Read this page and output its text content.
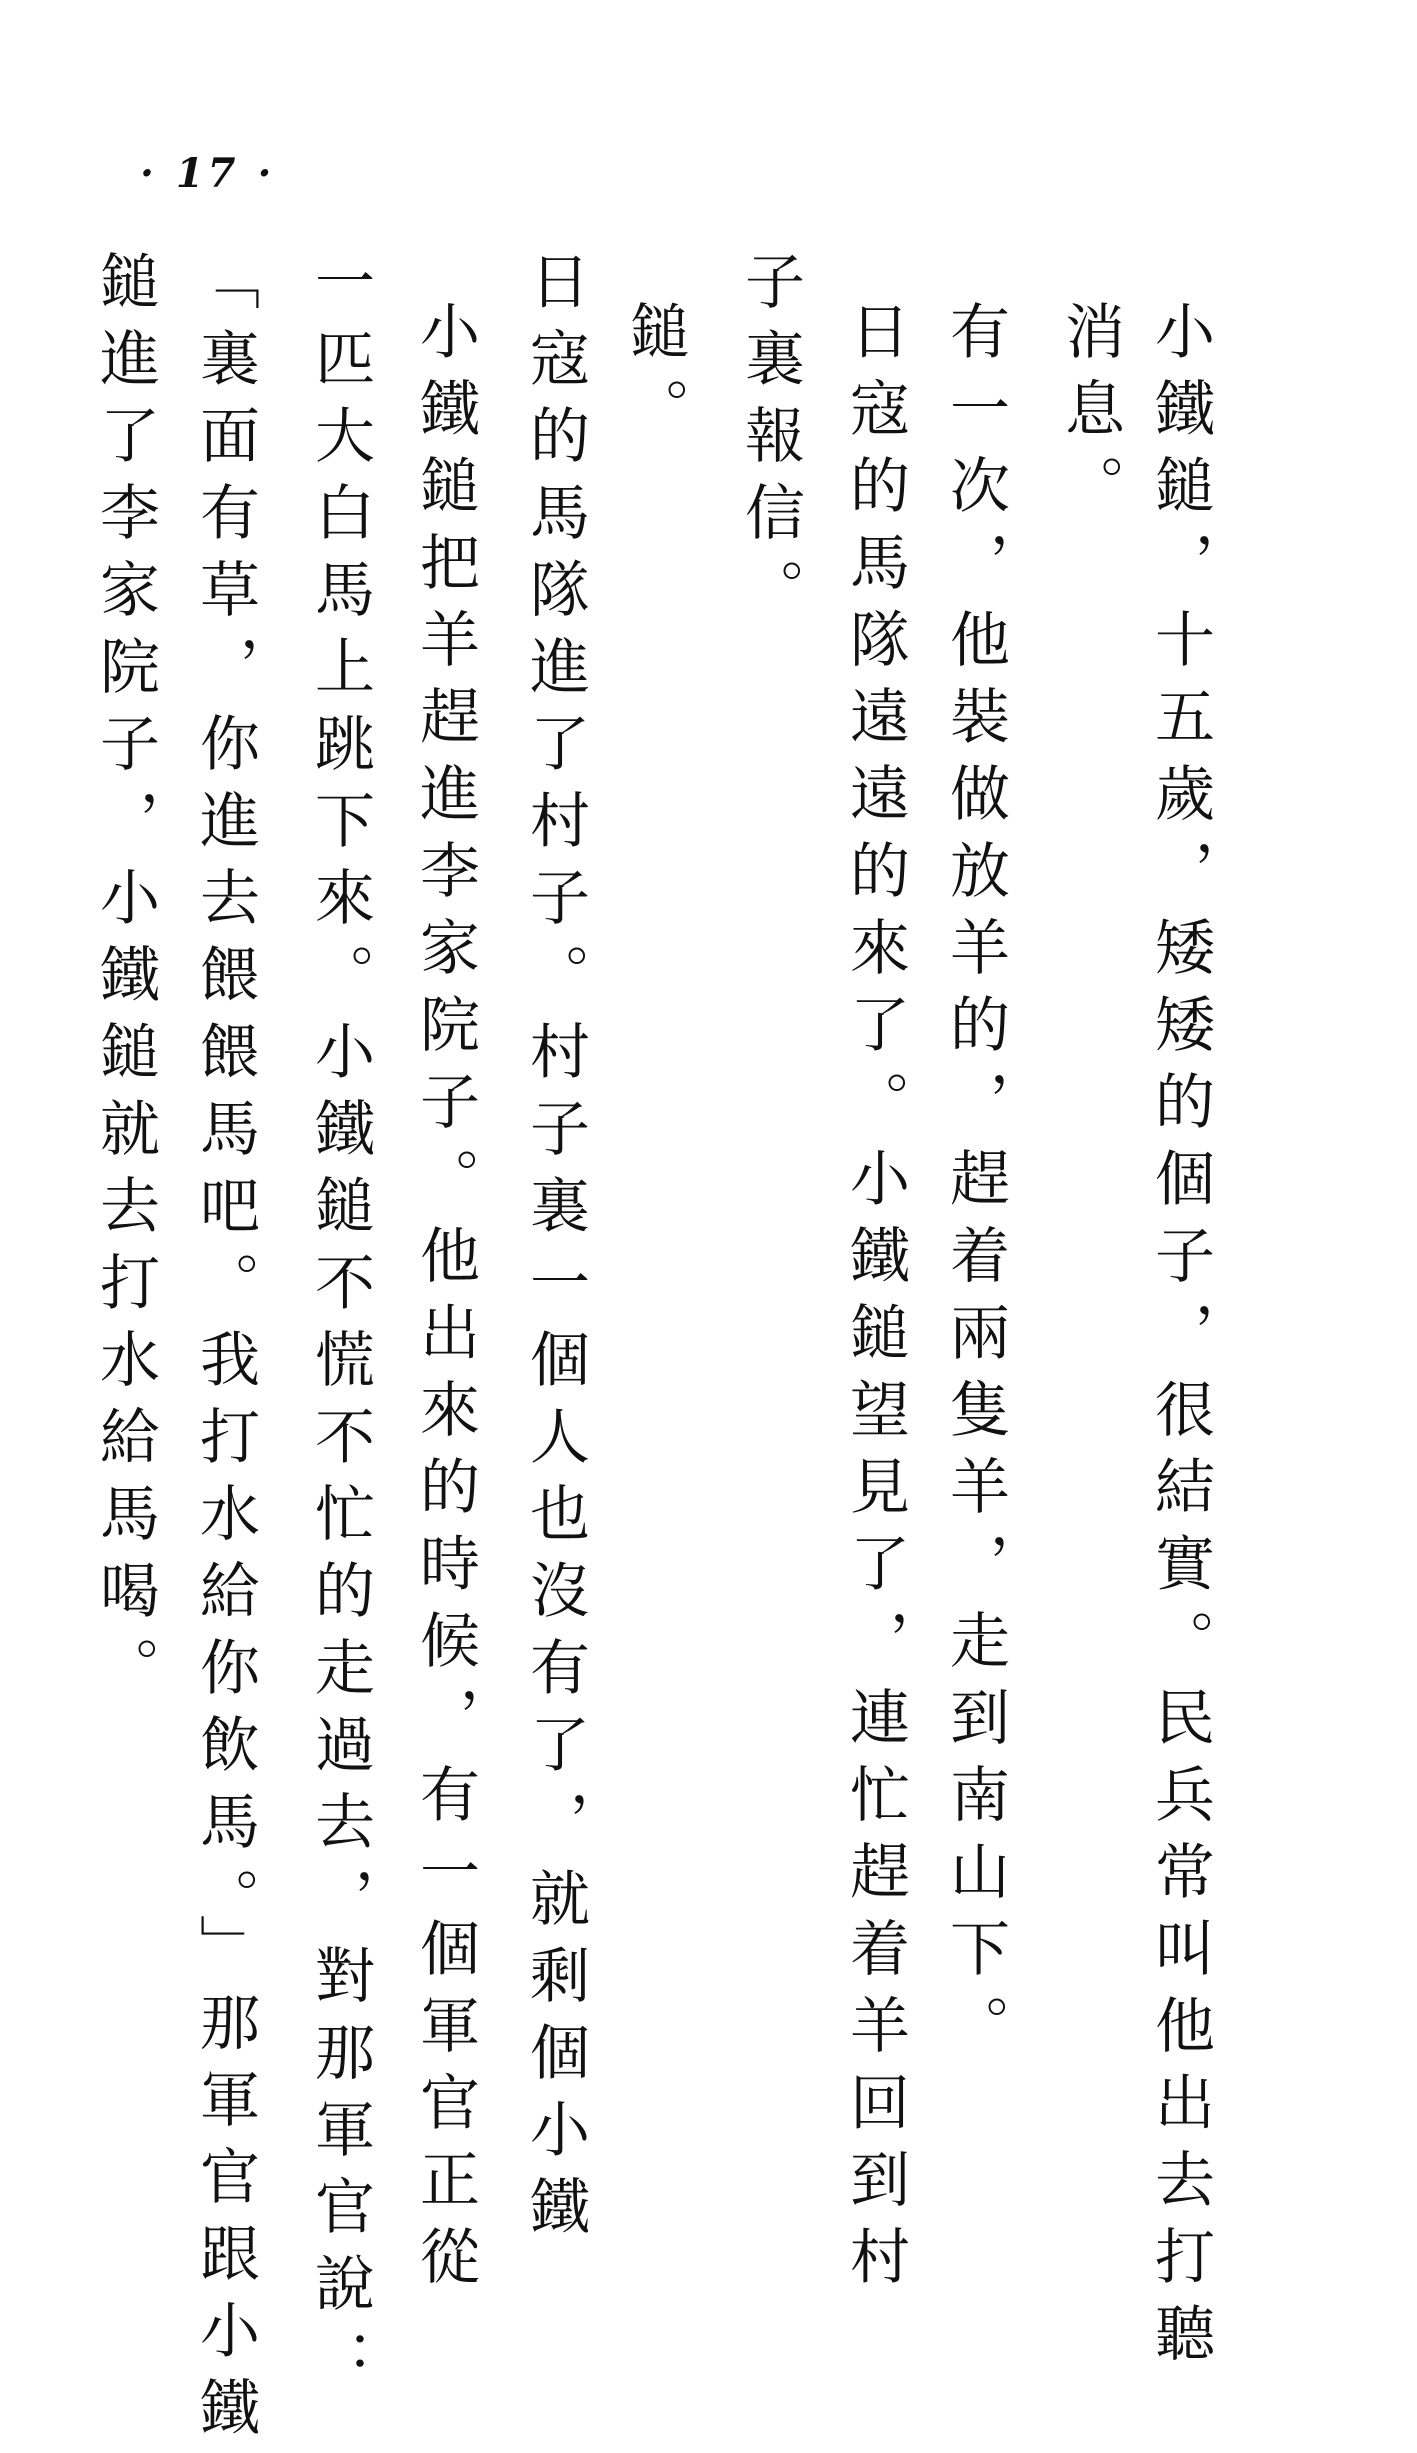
· 17 ·
小鐵鎚，十五歲，矮矮的個子，很結實。民兵常叫他出去打聽
消息。
有一次，他裝做放羊的，趕着兩隻羊，走到南山下。
日寇的馬隊遠遠的來了。小鐵鎚望見了，連忙趕着羊回到村
子裏報信。
日寇的馬隊進了村子。村子裏一個人也沒有了，就剩個小鐵 鎚。
小鐵鎚把羊趕進李家院子。他出來的時候，有一個軍官正從
一匹大白馬上跳下來。小鐵鎚不慌不忙的走過去，對那軍官說：
「裏面有草，你進去餵餵馬吧。我打水給你飲馬。」那軍官跟小鐵
鎚進了李家院子，小鐵鎚就去打水給馬喝。
